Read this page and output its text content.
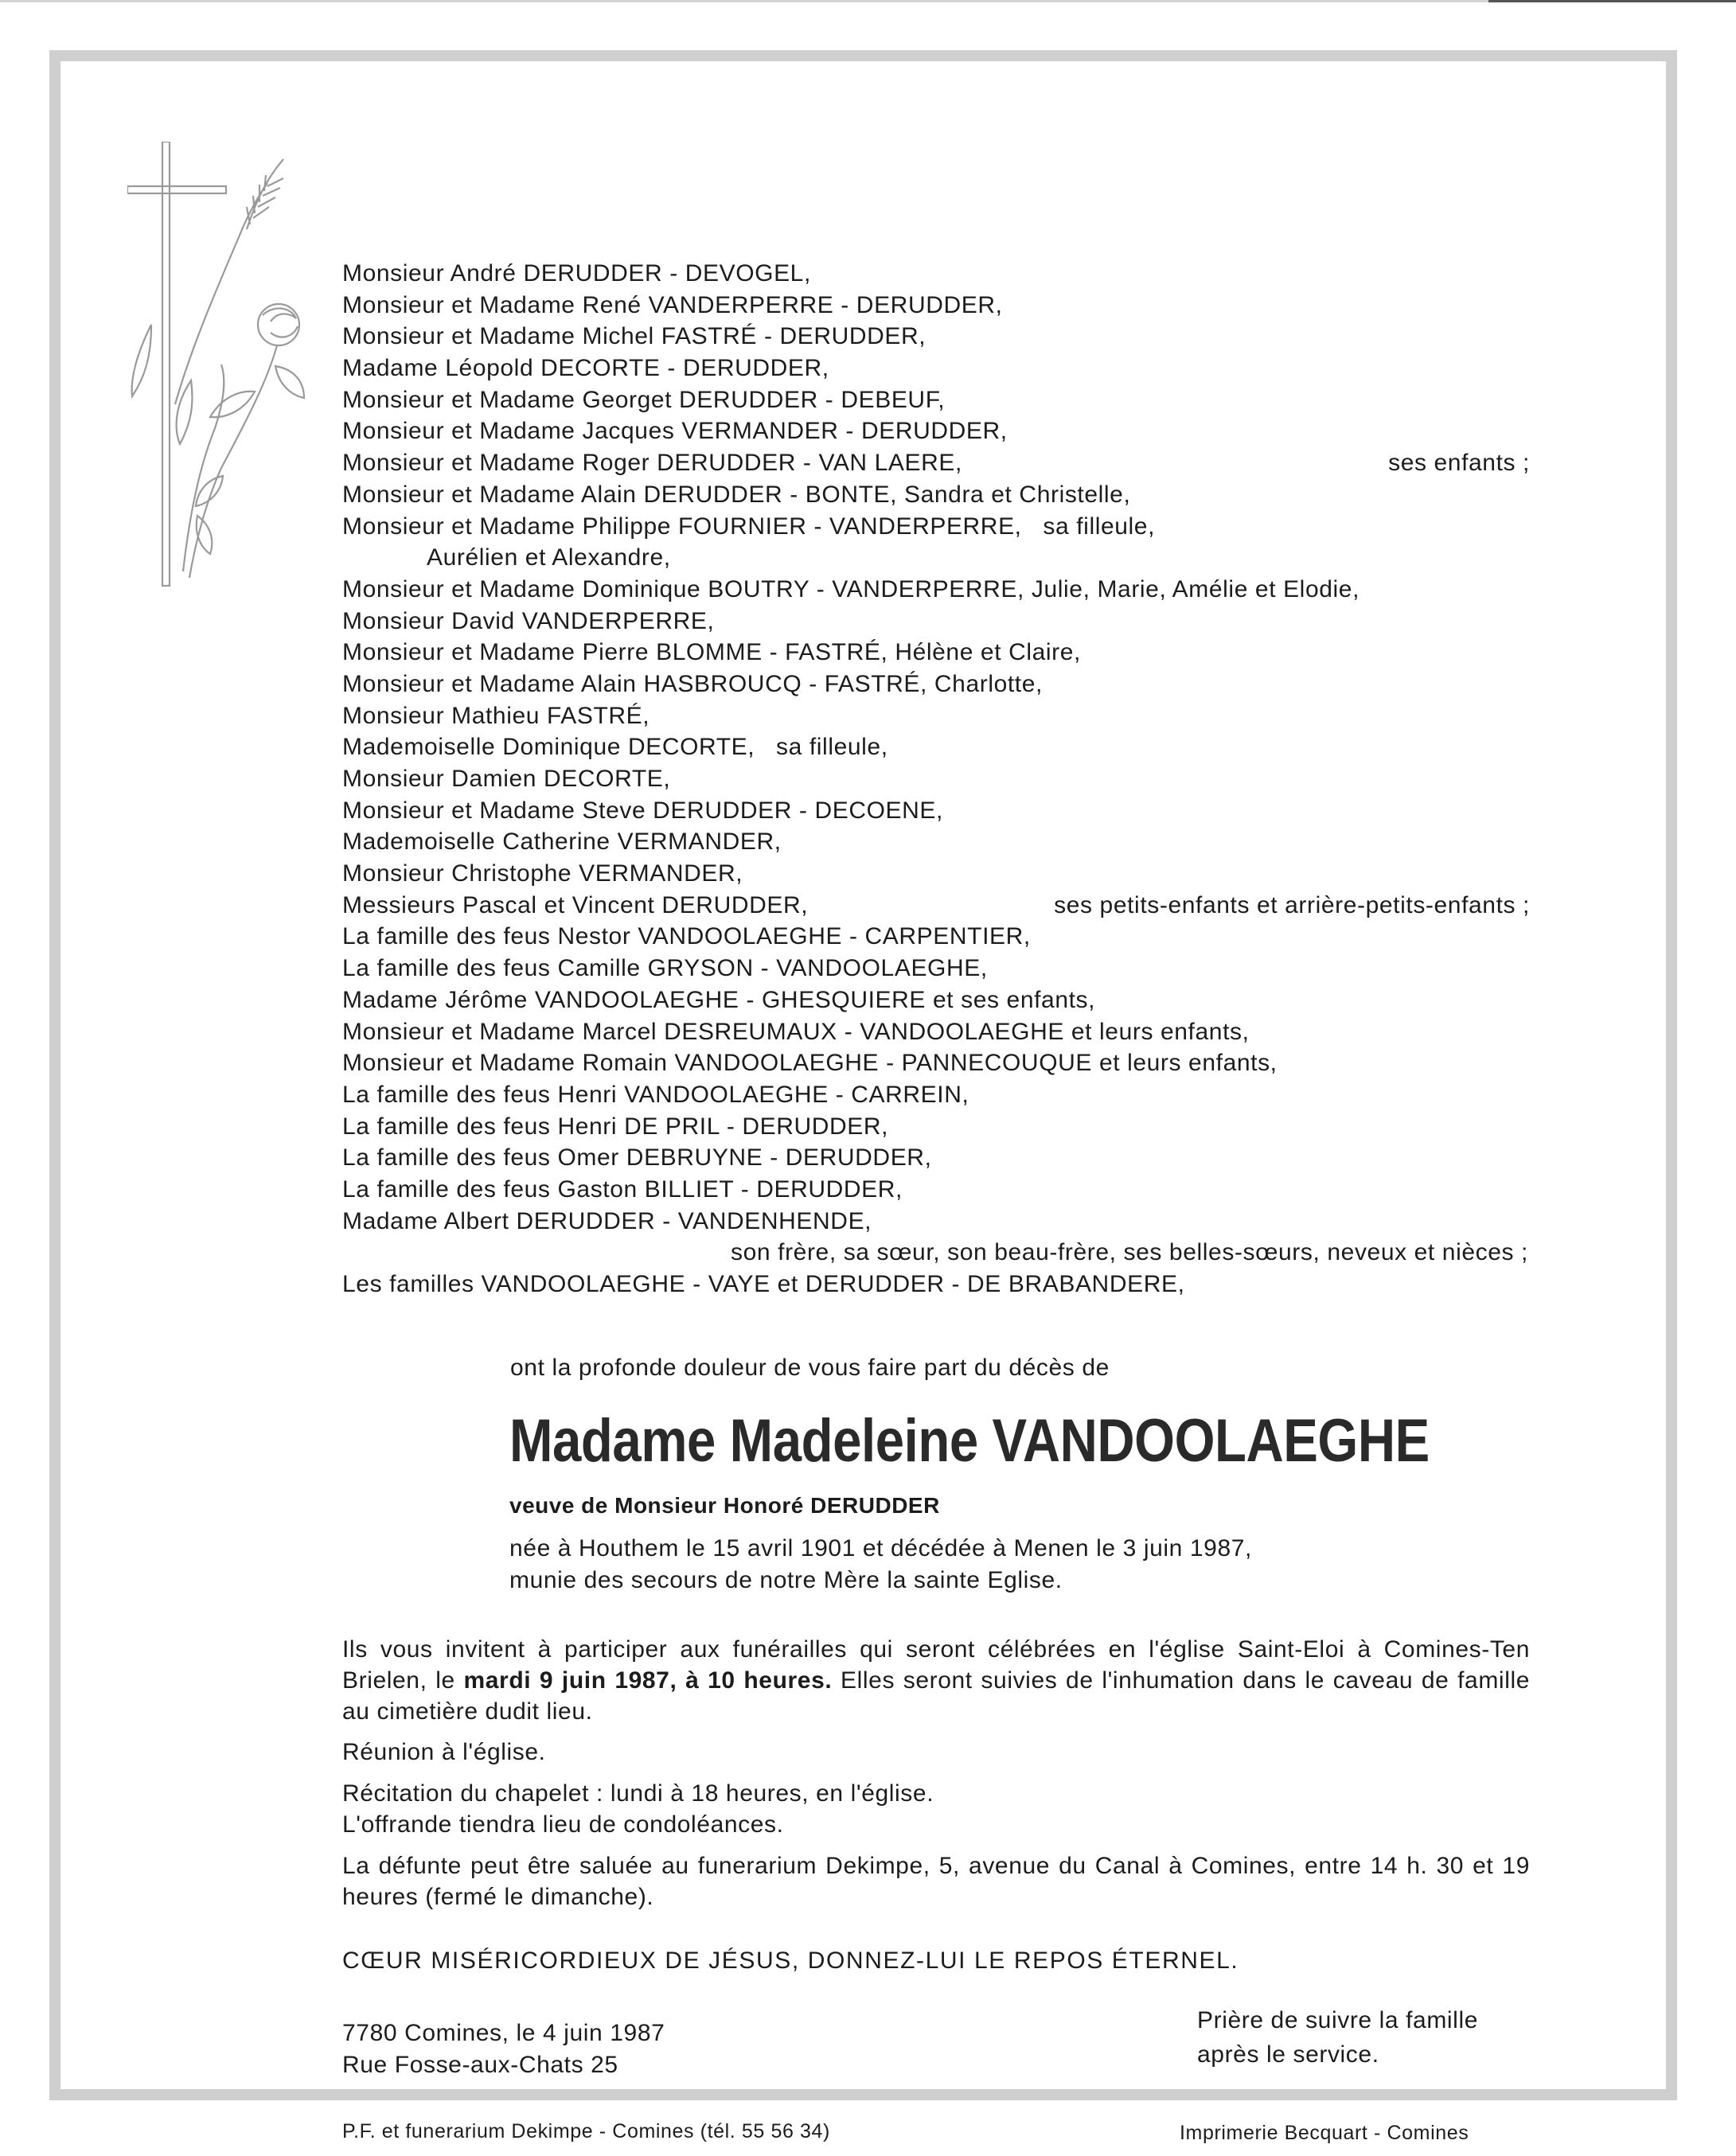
Monsieur André DERUDDER - DEVOGEL,
Monsieur et Madame René VANDERPERRE - DERUDDER,
Monsieur et Madame Michel FASTRÉ - DERUDDER,
Madame Léopold DECORTE - DERUDDER,
Monsieur et Madame Georget DERUDDER - DEBEUF,
Monsieur et Madame Jacques VERMANDER - DERUDDER,
Monsieur et Madame Roger DERUDDER - VAN LAERE,	ses enfants ;
Monsieur et Madame Alain DERUDDER - BONTE, Sandra et Christelle,
Monsieur et Madame Philippe FOURNIER - VANDERPERRE,   sa filleule,
Aurélien et Alexandre,
Monsieur et Madame Dominique BOUTRY - VANDERPERRE, Julie, Marie, Amélie et Elodie,
Monsieur David VANDERPERRE,
Monsieur et Madame Pierre BLOMME - FASTRÉ, Hélène et Claire,
Monsieur et Madame Alain HASBROUCQ - FASTRÉ, Charlotte,
Monsieur Mathieu FASTRÉ,
Mademoiselle Dominique DECORTE,   sa filleule,
Monsieur Damien DECORTE,
Monsieur et Madame Steve DERUDDER - DECOENE,
Mademoiselle Catherine VERMANDER,
Monsieur Christophe VERMANDER,
Messieurs Pascal et Vincent DERUDDER,	ses petits-enfants et arrière-petits-enfants ;
La famille des feus Nestor VANDOOLAEGHE - CARPENTIER,
La famille des feus Camille GRYSON - VANDOOLAEGHE,
Madame Jérôme VANDOOLAEGHE - GHESQUIERE et ses enfants,
Monsieur et Madame Marcel DESREUMAUX - VANDOOLAEGHE et leurs enfants,
Monsieur et Madame Romain VANDOOLAEGHE - PANNECOUQUE et leurs enfants,
La famille des feus Henri VANDOOLAEGHE - CARREIN,
La famille des feus Henri DE PRIL - DERUDDER,
La famille des feus Omer DEBRUYNE - DERUDDER,
La famille des feus Gaston BILLIET - DERUDDER,
Madame Albert DERUDDER - VANDENHENDE,
son frère, sa sœur, son beau-frère, ses belles-sœurs, neveux et nièces ;
Les familles VANDOOLAEGHE - VAYE et DERUDDER - DE BRABANDERE,
ont la profonde douleur de vous faire part du décès de
Madame Madeleine VANDOOLAEGHE
veuve de Monsieur Honoré DERUDDER
née à Houthem le 15 avril 1901 et décédée à Menen le 3 juin 1987,
munie des secours de notre Mère la sainte Eglise.
Ils vous invitent à participer aux funérailles qui seront célébrées en l'église Saint-Eloi à Comines-Ten Brielen, le mardi 9 juin 1987, à 10 heures. Elles seront suivies de l'inhumation dans le caveau de famille au cimetière dudit lieu.
Réunion à l'église.
Récitation du chapelet : lundi à 18 heures, en l'église.
L'offrande tiendra lieu de condoléances.
La défunte peut être saluée au funerarium Dekimpe, 5, avenue du Canal à Comines, entre 14 h. 30 et 19 heures (fermé le dimanche).
CŒUR MISÉRICORDIEUX DE JÉSUS, DONNEZ-LUI LE REPOS ÉTERNEL.
7780 Comines, le 4 juin 1987
Rue Fosse-aux-Chats 25
Prière de suivre la famille
après le service.
P.F. et funerarium Dekimpe - Comines (tél. 55 56 34)	Imprimerie Becquart - Comines
